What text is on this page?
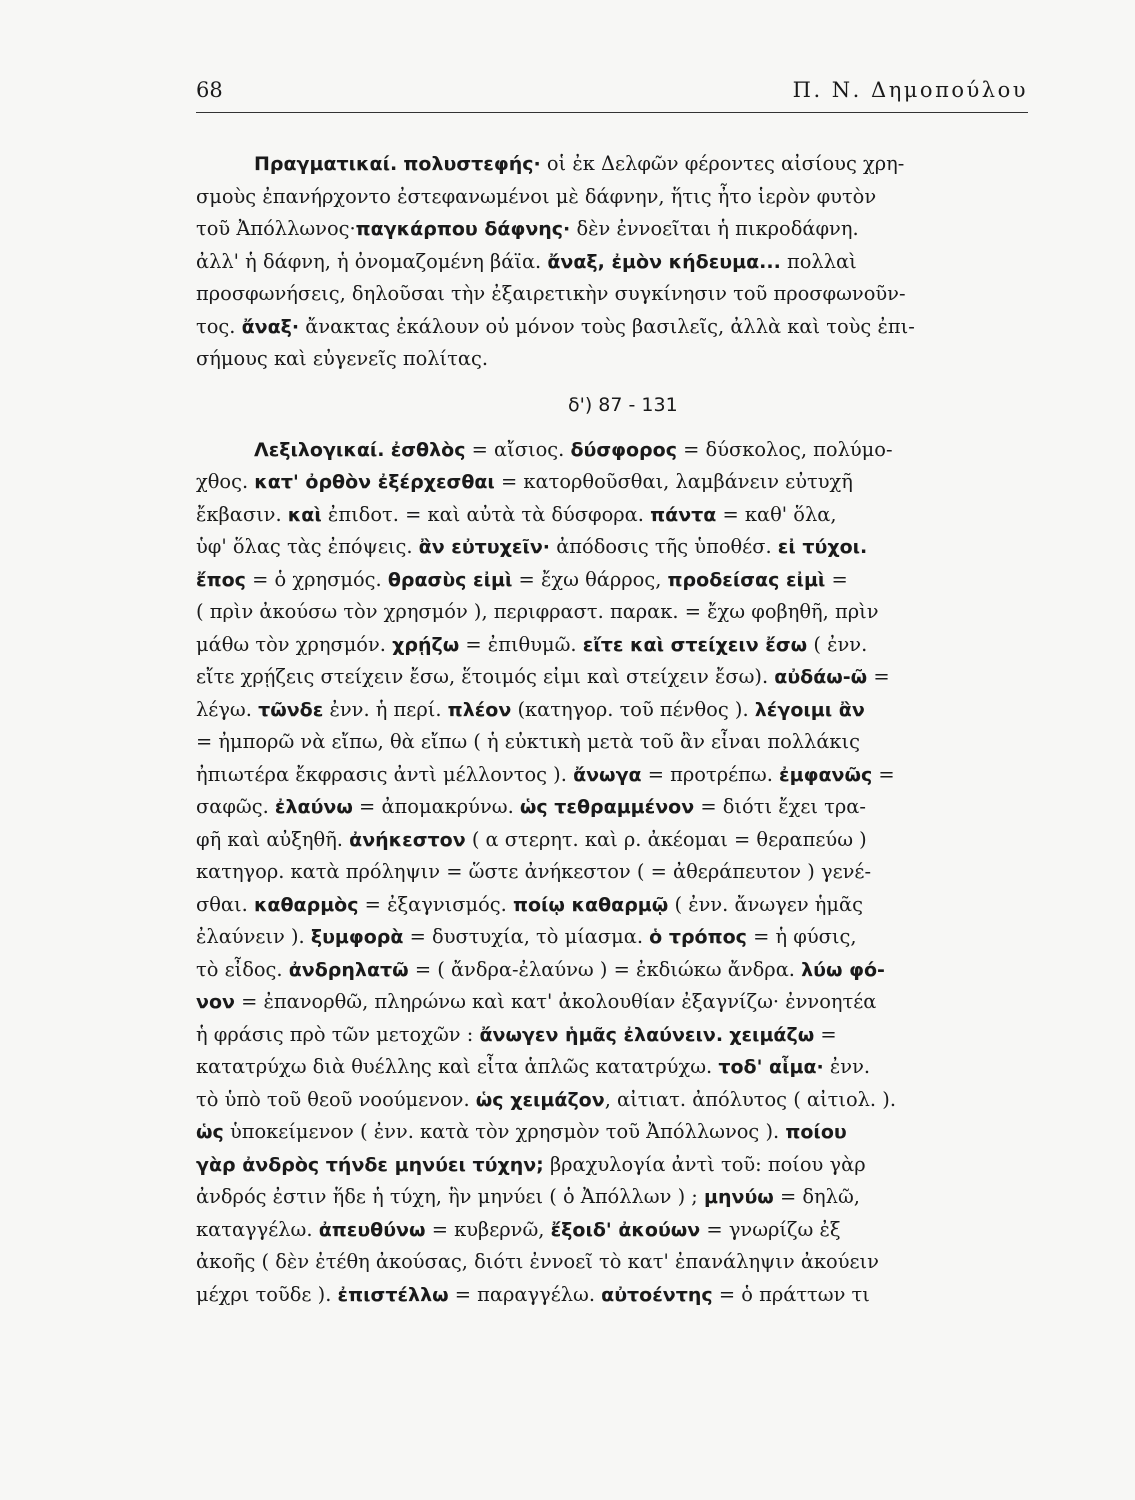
68	Π. Ν. Δημοπούλου
Πραγματικαί. πολυστεφής· οἱ ἐκ Δελφῶν φέροντες αἰσίους χρη-
σμοὺς ἐπανήρχοντο ἐστεφανωμένοι μὲ δάφνην, ἥτις ἦτο ἱερὸν φυτὸν
τοῦ Ἀπόλλωνος·παγκάρπου δάφνης· δὲν ἐννοεῖται ἡ πικροδάφνη.
ἀλλ' ἡ δάφνη, ἡ ὀνομαζομένη βάϊα. ἄναξ, ἐμὸν κήδευμα... πολλαὶ
προσφωνήσεις, δηλοῦσαι τὴν ἐξαιρετικὴν συγκίνησιν τοῦ προσφωνοῦν-
τος. ἄναξ· ἄνακτας ἐκάλουν οὐ μόνον τοὺς βασιλεῖς, ἀλλὰ καὶ τοὺς ἐπι-
σήμους καὶ εὐγενεῖς πολίτας.
δ') 87 - 131
Λεξιλογικαί. ἐσθλὸς = αἴσιος. δύσφορος = δύσκολος, πολύμο-
χθος. κατ' ὀρθὸν ἐξέρχεσθαι = κατορθοῦσθαι, λαμβάνειν εὐτυχῆ
ἔκβασιν. καὶ ἐπιδοτ. = καὶ αὐτὰ τὰ δύσφορα. πάντα = καθ' ὅλα,
ὑφ' ὅλας τὰς ἐπόψεις. ἂν εὐτυχεῖν· ἀπόδοσις τῆς ὑποθέσ. εἰ τύχοι.
ἔπος = ὁ χρησμός. θρασὺς εἰμὶ = ἔχω θάρρος, προδείσας εἰμὶ =
( πρὶν ἀκούσω τὸν χρησμόν ), περιφραστ. παρακ. = ἔχω φοβηθῆ, πρὶν
μάθω τὸν χρησμόν. χρῄζω = ἐπιθυμῶ. εἴτε καὶ στείχειν ἔσω ( ἐνν.
εἴτε χρῄζεις στείχειν ἔσω, ἕτοιμός εἰμι καὶ στείχειν ἔσω). αὐδάω-ῶ =
λέγω. τῶνδε ἐνν. ἡ περί. πλέον (κατηγορ. τοῦ πένθος ). λέγοιμι ἂν
= ἠμπορῶ νὰ εἴπω, θὰ εἴπω ( ἡ εὐκτικὴ μετὰ τοῦ ἂν εἶναι πολλάκις
ἠπιωτέρα ἔκφρασις ἀντὶ μέλλοντος ). ἄνωγα = προτρέπω. ἐμφανῶς =
σαφῶς. ἐλαύνω = ἀπομακρύνω. ὡς τεθραμμένον = διότι ἔχει τρα-
φῆ καὶ αὐξηθῆ. ἀνήκεστον ( α στερητ. καὶ ρ. ἀκέομαι = θεραπεύω )
κατηγορ. κατὰ πρόληψιν = ὥστε ἀνήκεστον ( = ἀθεράπευτον ) γενέ-
σθαι. καθαρμὸς = ἐξαγνισμός. ποίῳ καθαρμῷ ( ἐνν. ἄνωγεν ἡμᾶς
ἐλαύνειν ). ξυμφορὰ = δυστυχία, τὸ μίασμα. ὁ τρόπος = ἡ φύσις,
τὸ εἶδος. ἀνδρηλατῶ = ( ἄνδρα-ἐλαύνω ) = ἐκδιώκω ἄνδρα. λύω φό-
νον = ἐπανορθῶ, πληρώνω καὶ κατ' ἀκολουθίαν ἐξαγνίζω· ἐννοητέα
ἡ φράσις πρὸ τῶν μετοχῶν : ἄνωγεν ἡμᾶς ἐλαύνειν. χειμάζω =
κατατρύχω διὰ θυέλλης καὶ εἶτα ἁπλῶς κατατρύχω. τοδ' αἷμα· ἐνν.
τὸ ὑπὸ τοῦ θεοῦ νοούμενον. ὡς χειμάζον, αἰτιατ. ἀπόλυτος ( αἰτιολ. ).
ὡς ὑποκείμενον ( ἐνν. κατὰ τὸν χρησμὸν τοῦ Ἀπόλλωνος ). ποίου
γὰρ ἀνδρὸς τήνδε μηνύει τύχην; βραχυλογία ἀντὶ τοῦ: ποίου γὰρ
ἀνδρός ἐστιν ἥδε ἡ τύχη, ἣν μηνύει ( ὁ Ἀπόλλων ) ; μηνύω = δηλῶ,
καταγγέλω. ἀπευθύνω = κυβερνῶ, ἔξοιδ' ἀκούων = γνωρίζω ἐξ
ἀκοῆς ( δὲν ἐτέθη ἀκούσας, διότι ἐννοεῖ τὸ κατ' ἐπανάληψιν ἀκούειν
μέχρι τοῦδε ). ἐπιστέλλω = παραγγέλω. αὐτοέντης = ὁ πράττων τι
